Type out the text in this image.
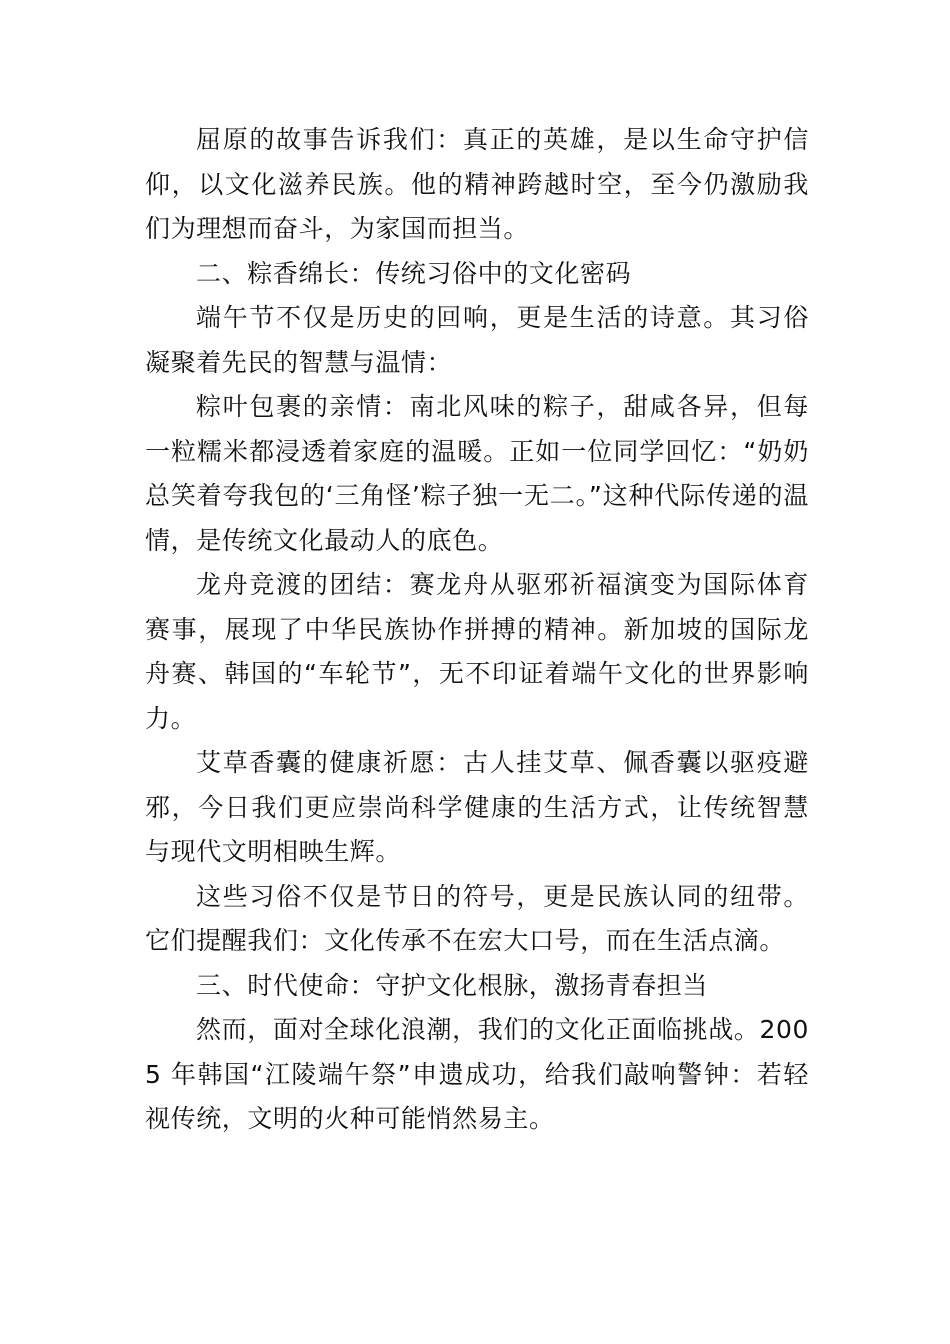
屈原的故事告诉我们：真正的英雄，是以生命守护信仰，以文化滋养民族。他的精神跨越时空，至今仍激励我们为理想而奋斗，为家国而担当。

二、粽香绵长：传统习俗中的文化密码

端午节不仅是历史的回响，更是生活的诗意。其习俗凝聚着先民的智慧与温情：

粽叶包裹的亲情：南北风味的粽子，甜咸各异，但每一粒糯米都浸透着家庭的温暖。正如一位同学回忆：“奶奶总笑着夸我包的‘三角怪’粽子独一无二。”这种代际传递的温情，是传统文化最动人的底色。

龙舟竞渡的团结：赛龙舟从驱邪祈福演变为国际体育赛事，展现了中华民族协作拼搏的精神。新加坡的国际龙舟赛、韩国的“车轮节”，无不印证着端午文化的世界影响力。

艾草香囊的健康祈愿：古人挂艾草、佩香囊以驱疫避邪，今日我们更应崇尚科学健康的生活方式，让传统智慧与现代文明相映生辉。

这些习俗不仅是节日的符号，更是民族认同的纽带。它们提醒我们：文化传承不在宏大口号，而在生活点滴。

三、时代使命：守护文化根脉，激扬青春担当

然而，面对全球化浪潮，我们的文化正面临挑战。2005 年韩国“江陵端午祭”申遗成功，给我们敲响警钟：若轻视传统，文明的火种可能悄然易主。
